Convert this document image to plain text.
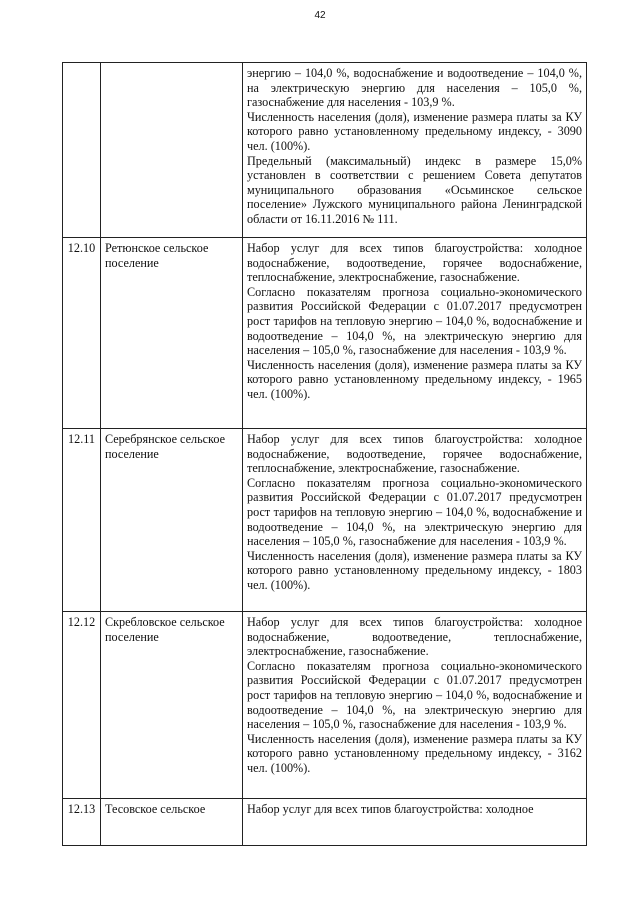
42

		энергию – 104,0 %, водоснабжение и водоотведение – 104,0 %, на электрическую энергию для населения – 105,0 %, газоснабжение для населения - 103,9 %.

Численность населения (доля), изменение размера платы за КУ которого равно установленному предельному индексу, - 3090 чел. (100%).

Предельный (максимальный) индекс в размере 15,0% установлен в соответствии с решением Совета депутатов муниципального образования «Осьминское сельское поселение» Лужского муниципального района Ленинградской области от 16.11.2016 № 111.

12.10	Ретюнское сельское поселение	Набор услуг для всех типов благоустройства: холодное водоснабжение, водоотведение, горячее водоснабжение, теплоснабжение, электроснабжение, газоснабжение.

Согласно показателям прогноза социально-экономического развития Российской Федерации с 01.07.2017 предусмотрен рост тарифов на тепловую энергию – 104,0 %, водоснабжение и водоотведение – 104,0 %, на электрическую энергию для населения – 105,0 %, газоснабжение для населения - 103,9 %.

Численность населения (доля), изменение размера платы за КУ которого равно установленному предельному индексу, - 1965 чел. (100%).

12.11	Серебрянское сельское поселение	Набор услуг для всех типов благоустройства: холодное водоснабжение, водоотведение, горячее водоснабжение, теплоснабжение, электроснабжение, газоснабжение.

Согласно показателям прогноза социально-экономического развития Российской Федерации с 01.07.2017 предусмотрен рост тарифов на тепловую энергию – 104,0 %, водоснабжение и водоотведение – 104,0 %, на электрическую энергию для населения – 105,0 %, газоснабжение для населения - 103,9 %.

Численность населения (доля), изменение размера платы за КУ которого равно установленному предельному индексу, - 1803 чел. (100%).

12.12	Скребловское сельское поселение	Набор услуг для всех типов благоустройства: холодное водоснабжение, водоотведение, теплоснабжение, электроснабжение, газоснабжение.

Согласно показателям прогноза социально-экономического развития Российской Федерации с 01.07.2017 предусмотрен рост тарифов на тепловую энергию – 104,0 %, водоснабжение и водоотведение – 104,0 %, на электрическую энергию для населения – 105,0 %, газоснабжение для населения - 103,9 %.

Численность населения (доля), изменение размера платы за КУ которого равно установленному предельному индексу, - 3162 чел. (100%).

12.13	Тесовское сельское	Набор услуг для всех типов благоустройства: холодное
